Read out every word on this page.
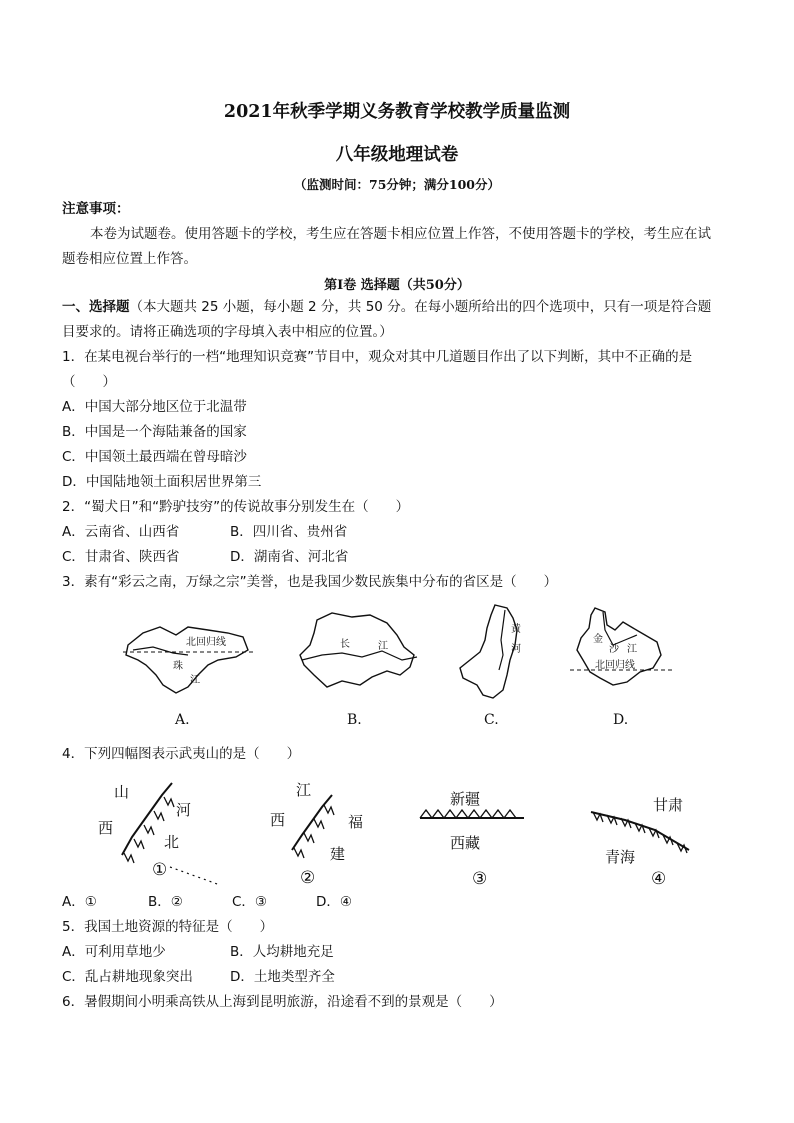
2021年秋季学期义务教育学校教学质量监测
八年级地理试卷
（监测时间：75分钟；满分100分）
注意事项：
本卷为试题卷。使用答题卡的学校，考生应在答题卡相应位置上作答，不使用答题卡的学校，考生应在试
题卷相应位置上作答。
第Ⅰ卷 选择题（共50分）
一、选择题（本大题共 25 小题，每小题 2 分，共 50 分。在每小题所给出的四个选项中，只有一项是符合题
目要求的。请将正确选项的字母填入表中相应的位置。）
1．在某电视台举行的一档“地理知识竞赛”节目中，观众对其中几道题目作出了以下判断，其中不正确的是
（　　）
A．中国大部分地区位于北温带
B．中国是一个海陆兼备的国家
C．中国领土最西端在曾母暗沙
D．中国陆地领土面积居世界第三
2．“蜀犬日”和“黔驴技穷”的传说故事分别发生在（　　）
A．云南省、山西省	B．四川省、贵州省
C．甘肃省、陕西省	D．湖南省、河北省
3．素有“彩云之南，万绿之宗”美誉，也是我国少数民族集中分布的省区是（　　）
北回归线
珠
江
A.
长	江
B.
黄
河
C.
金
沙 江
北回归线
D.
4．下列四幅图表示武夷山的是（　　）
山
河
西
北
①
江
西	福
建
②
新疆
西藏
③
甘肃
青海
④
A．①	B．②	C．③	D．④
5．我国土地资源的特征是（　　）
A．可利用草地少	B．人均耕地充足
C．乱占耕地现象突出	D．土地类型齐全
6．暑假期间小明乘高铁从上海到昆明旅游，沿途看不到的景观是（　　）
